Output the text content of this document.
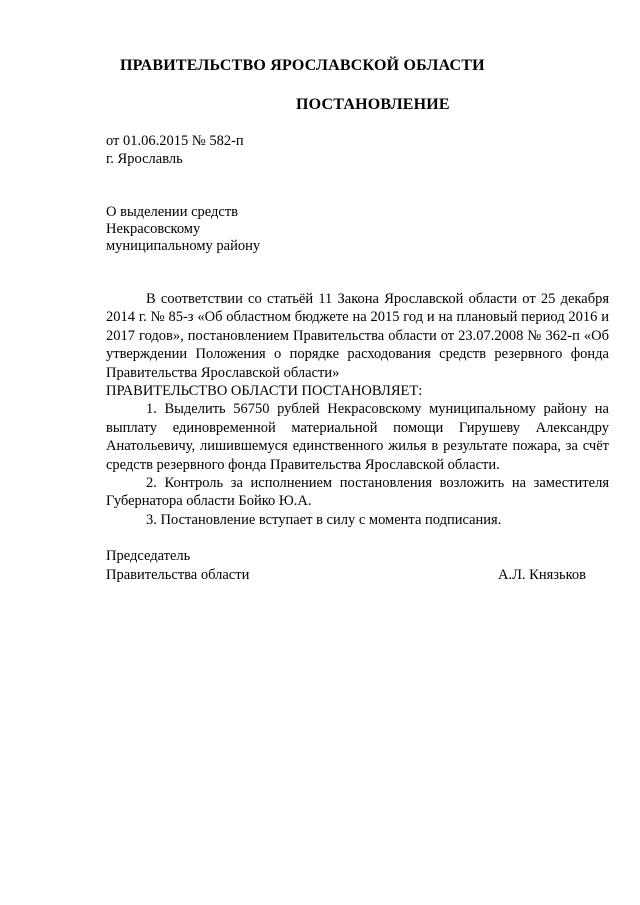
ПРАВИТЕЛЬСТВО ЯРОСЛАВСКОЙ ОБЛАСТИ
ПОСТАНОВЛЕНИЕ
от 01.06.2015 № 582-п
г. Ярославль
О выделении средств
Некрасовскому
муниципальному району

В соответствии со статьёй 11 Закона Ярославской области от 25 декабря 2014 г. № 85-з «Об областном бюджете на 2015 год и на плановый период 2016 и 2017 годов», постановлением Правительства области от 23.07.2008 № 362-п «Об утверждении Положения о порядке расходования средств резервного фонда Правительства Ярославской области»

ПРАВИТЕЛЬСТВО ОБЛАСТИ ПОСТАНОВЛЯЕТ:

1. Выделить 56750 рублей Некрасовскому муниципальному району на выплату единовременной материальной помощи Гирушеву Александру Анатольевичу, лишившемуся единственного жилья в результате пожара, за счёт средств резервного фонда Правительства Ярославской области.

2. Контроль за исполнением постановления возложить на заместителя Губернатора области Бойко Ю.А.

3. Постановление вступает в силу с момента подписания.

Председатель
Правительства области	А.Л. Князьков
